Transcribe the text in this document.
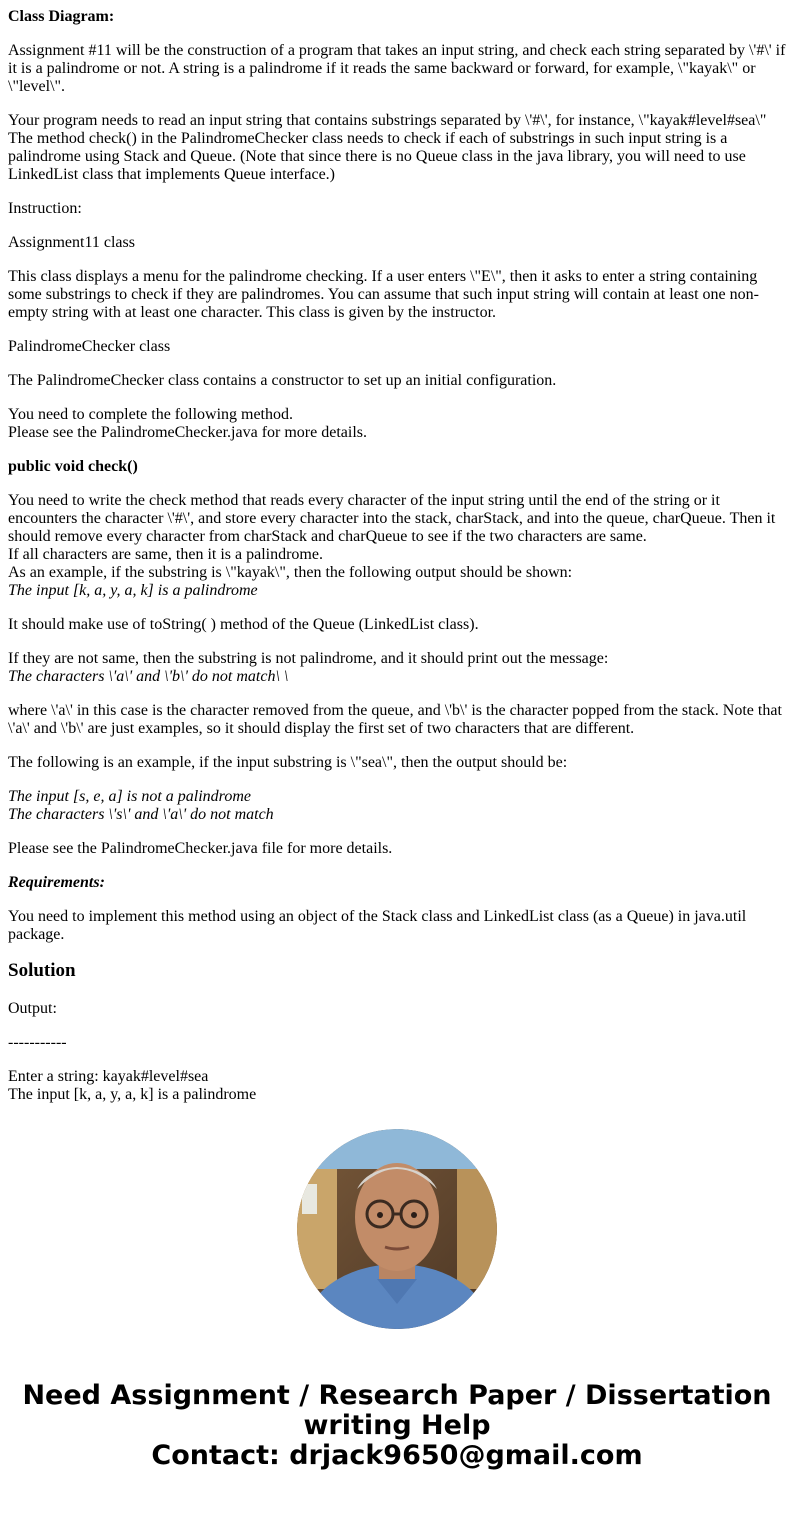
Class Diagram:

Assignment #11 will be the construction of a program that takes an input string, and check each string separated by \'#\' if it is a palindrome or not. A string is a palindrome if it reads the same backward or forward, for example, \"kayak\" or \"level\".

Your program needs to read an input string that contains substrings separated by \'#\', for instance, \"kayak#level#sea\" The method check() in the PalindromeChecker class needs to check if each of substrings in such input string is a palindrome using Stack and Queue. (Note that since there is no Queue class in the java library, you will need to use LinkedList class that implements Queue interface.)

Instruction:

Assignment11 class

This class displays a menu for the palindrome checking. If a user enters \"E\", then it asks to enter a string containing some substrings to check if they are palindromes. You can assume that such input string will contain at least one non-empty string with at least one character. This class is given by the instructor.

PalindromeChecker class

The PalindromeChecker class contains a constructor to set up an initial configuration.

You need to complete the following method.
Please see the PalindromeChecker.java for more details.

public void check()

You need to write the check method that reads every character of the input string until the end of the string or it encounters the character \'#\', and store every character into the stack, charStack, and into the queue, charQueue. Then it should remove every character from charStack and charQueue to see if the two characters are same.
If all characters are same, then it is a palindrome.
As an example, if the substring is \"kayak\", then the following output should be shown:
The input [k, a, y, a, k] is a palindrome

It should make use of toString( ) method of the Queue (LinkedList class).

If they are not same, then the substring is not palindrome, and it should print out the message:
The characters \'a\' and \'b\' do not match\ \

where \'a\' in this case is the character removed from the queue, and \'b\' is the character popped from the stack. Note that \'a\' and \'b\' are just examples, so it should display the first set of two characters that are different.

The following is an example, if the input substring is \"sea\", then the output should be:

The input [s, e, a] is not a palindrome
The characters \'s\' and \'a\' do not match

Please see the PalindromeChecker.java file for more details.

Requirements:

You need to implement this method using an object of the Stack class and LinkedList class (as a Queue) in java.util package.

Solution

Output:

-----------

Enter a string: kayak#level#sea
The input [k, a, y, a, k] is a palindrome

Need Assignment / Research Paper / Dissertation
writing Help
Contact: drjack9650@gmail.com
